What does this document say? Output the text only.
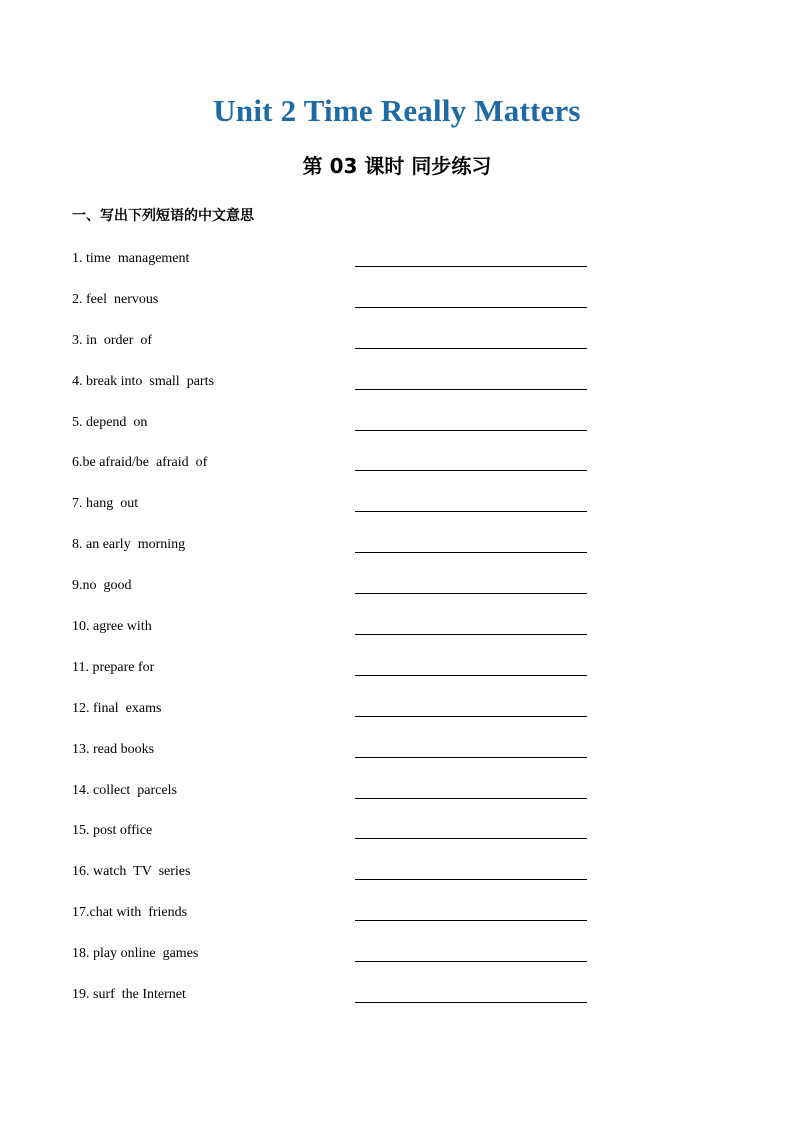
Unit 2 Time Really Matters
第 03 课时 同步练习
一、写出下列短语的中文意思
1. time  management
2. feel  nervous
3. in  order  of
4. break into  small  parts
5. depend  on
6.be afraid/be  afraid  of
7. hang  out
8. an early  morning
9.no  good
10. agree with
11. prepare for
12. final  exams
13. read books
14. collect  parcels
15. post office
16. watch  TV  series
17.chat with  friends
18. play online  games
19. surf  the Internet
